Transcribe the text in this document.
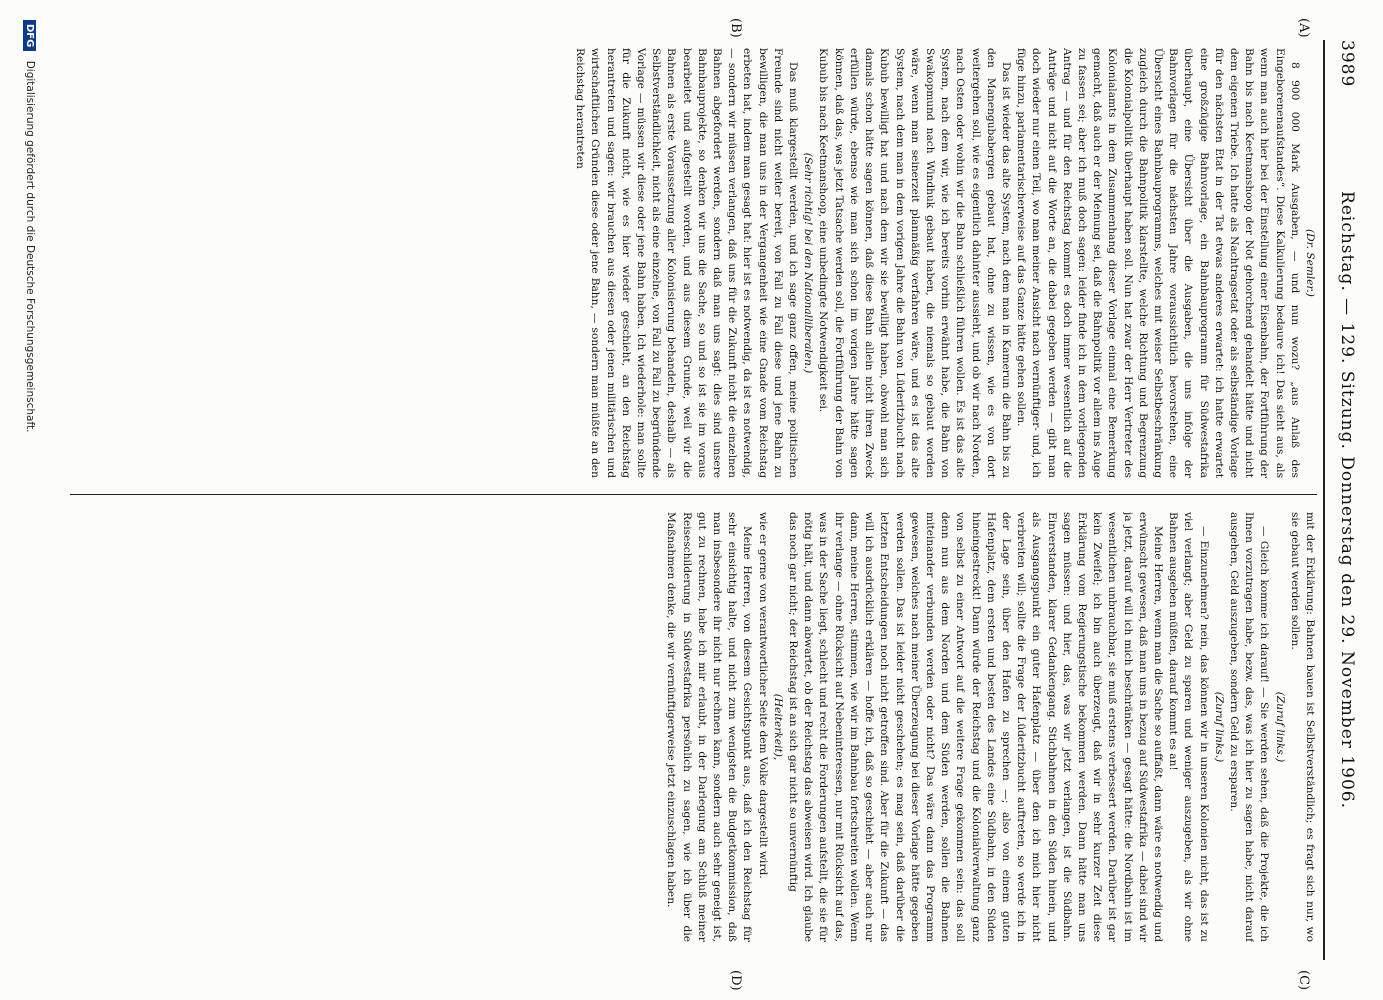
3989
Reichstag. — 129. Sitzung. Donnerstag den 29. November 1906.
(A)
(B)
(C)
(D)

(Dr. Semler.)

8 900 000 Mark Ausgaben, — und nun wozu? „aus Anlaß des Eingeborenenaufstandes“. Diese Kalkulierung bedaure ich! Das sieht aus, als wenn man auch hier bei der Einstellung einer Eisenbahn, der Fortführung der Bahn bis nach Keetmanshoop der Not gehorchend gehandelt hätte und nicht dem eigenen Triebe. Ich hatte als Nachtragsetat oder als selbständige Vorlage für den nächsten Etat in der Tat etwas anderes erwartet: ich hatte erwartet eine großzügige Bahnvorlage, ein Bahnbauprogramm für Südwestafrika überhaupt, eine Übersicht über die Ausgaben, die uns infolge der Bahnvorlagen für die nächsten Jahre voraussichtlich bevorstehen, eine Übersicht eines Bahnbauprogramms, welches mit weiser Selbstbeschränkung zugleich durch die Bahnpolitik klarstellte, welche Richtung und Begrenzung die Kolonialpolitik überhaupt haben soll. Nun hat zwar der Herr Vertreter des Kolonialamts in dem Zusammenhang dieser Vorlage einmal eine Bemerkung gemacht, daß auch er der Meinung sei, daß die Bahnpolitik vor allem ins Auge zu fassen sei; aber ich muß doch sagen: leider finde ich in dem vorliegenden Antrag — und für den Reichstag kommt es doch immer wesentlich auf die Anträge und nicht auf die Worte an, die dabei gegeben werden — gibt man doch wieder nur einen Teil, wo man meiner Ansicht nach vernünftiger- und, ich füge hinzu, parlamentarischerweise auf das Ganze hätte gehen sollen.

Das ist wieder das alte System, nach dem man in Kamerun die Bahn bis zu den Manengubabergen gebaut hat, ohne zu wissen, wie es von dort weitergehen soll, wie es eigentlich dahinter aussieht, und ob wir nach Norden, nach Osten oder wohin wir die Bahn schließlich führen wollen. Es ist das alte System, nach dem wir, wie ich bereits vorhin erwähnt habe, die Bahn von Swakopmund nach Windhuk gebaut haben, die niemals so gebaut worden wäre, wenn man seinerzeit planmäßig verfahren wäre, und es ist das alte System, nach dem man in dem vorigen Jahre die Bahn von Lüderitzbucht nach Kubub bewilligt hat und nach dem wir sie bewilligt haben, obwohl man sich damals schon hätte sagen können, daß diese Bahn allein nicht ihren Zweck erfüllen würde, ebenso wie man sich schon im vorigen Jahre hätte sagen können, daß das, was jetzt Tatsache werden soll, die Fortführung der Bahn von Kubub bis nach Keetmanshoop, eine unbedingte Notwendigkeit sei.

(Sehr richtig! bei den Nationalliberalen.)

Das muß klargestellt werden, und ich sage ganz offen, meine politischen Freunde sind nicht weiter bereit, von Fall zu Fall diese und jene Bahn zu bewilligen, die man uns in der Vergangenheit wie eine Gnade vom Reichstag erbeten hat, indem man gesagt hat: hier ist es notwendig, da ist es notwendig, — sondern wir müssen verlangen, daß uns für die Zukunft nicht die einzelnen Bahnen abgefordert werden, sondern daß man uns sagt: dies sind unsere Bahnbauprojekte, so denken wir uns die Sache, so und so ist sie im voraus bearbeitet und aufgestellt worden, und aus diesem Grunde, weil wir die Bahnen als erste Voraussetzung aller Kolonisierung behandeln, deshalb — als Selbstverständlichkeit, nicht als eine einzelne, von Fall zu Fall zu begründende Vorlage — müssen wir diese oder jene Bahn haben. Ich wiederhole: man sollte für die Zukunft nicht, wie es hier wieder geschieht, an den Reichstag herantreten und sagen: wir brauchen aus diesen oder jenen militärischen und wirtschaftlichen Gründen diese oder jene Bahn, — sondern man müßte an den Reichstag herantreten

mit der Erklärung: Bahnen bauen ist Selbstverständlich; es fragt sich nur, wo sie gebaut werden sollen.

(Zuruf links.)

— Gleich komme ich darauf! — Sie werden sehen, daß die Projekte, die ich Ihnen vorzutragen habe, bezw. das, was ich hier zu sagen habe, nicht darauf ausgehen, Geld auszugeben, sondern Geld zu ersparen.

(Zuruf links.)

— Einzunehmen? nein, das können wir in unseren Kolonien nicht, das ist zu viel verlangt; aber Geld zu sparen und weniger auszugeben, als wir ohne Bahnen ausgeben müßten, darauf kommt es an!

Meine Herren, wenn man die Sache so auffaßt, dann wäre es notwendig und erwünscht gewesen, daß man uns in bezug auf Südwestafrika — dabei sind wir ja jetzt, darauf will ich mich beschränken — gesagt hätte: die Nordbahn ist im wesentlichen unbrauchbar, sie muß erstens verbessert werden. Darüber ist gar kein Zweifel; ich bin auch überzeugt, daß wir in sehr kurzer Zeit diese Erklärung vom Regierungstische bekommen werden. Dann hätte man uns sagen müssen: und hier, das, was wir jetzt verlangen, ist die Südbahn. Einverstanden, klarer Gedankengang. Stichbahnen in den Süden hinein, und als Ausgangspunkt ein guter Hafenplatz — über den ich mich hier nicht verbreiten will; sollte die Frage der Lüderitzbucht auftreten, so werde ich in der Lage sein, über den Hafen zu sprechen —; also von einem guten Hafenplatz, dem ersten und besten des Landes eine Südbahn, in den Süden hineingestreckt! Dann würde der Reichstag und die Kolonialverwaltung ganz von selbst zu einer Antwort auf die weitere Frage gekommen sein: das soll denn nun aus dem Norden und dem Süden werden, sollen die Bahnen miteinander verbunden werden oder nicht? Das wäre dann das Programm gewesen, welches nach meiner Überzeugung bei dieser Vorlage hätte gegeben werden sollen. Das ist leider nicht geschehen; es mag sein, daß darüber die letzten Entscheidungen noch nicht getroffen sind. Aber für die Zukunft — das will ich ausdrücklich erklären — hoffe ich, daß so geschieht — aber auch nur dann, meine Herren, stimmen, wie wir im Bahnbau fortschreiten wollen. Wenn ihr verlange — ohne Rücksicht auf Nebeninteressen, nur mit Rücksicht auf das, was in der Sache liegt, schlecht und recht die Forderungen aufstellt, die sie für nötig hält, und dann abwartet, ob der Reichstag das abweisen wird. Ich glaube das noch gar nicht; der Reichstag ist an sich gar nicht so unvernünftig

(Heiterkeit),

wie er gerne von verantwortlicher Seite dem Volke dargestellt wird.

Meine Herren, von diesem Gesichtspunkt aus, daß ich den Reichstag für sehr einsichtig halte, und nicht zum wenigsten die Budgetkommission, daß man insbesondere ihr nicht nur rechnen kann, sondern auch sehr geneigt ist, gut zu rechnen, habe ich mir erlaubt, in der Darlegung am Schluß meiner Reiseschilderung in Südwestafrika persönlich zu sagen, wie ich über die Maßnahmen denke, die wir vernünftigerweise jetzt einzuschlagen haben.

DFG Digitalisierung gefördert durch die Deutsche Forschungsgemeinschaft.
